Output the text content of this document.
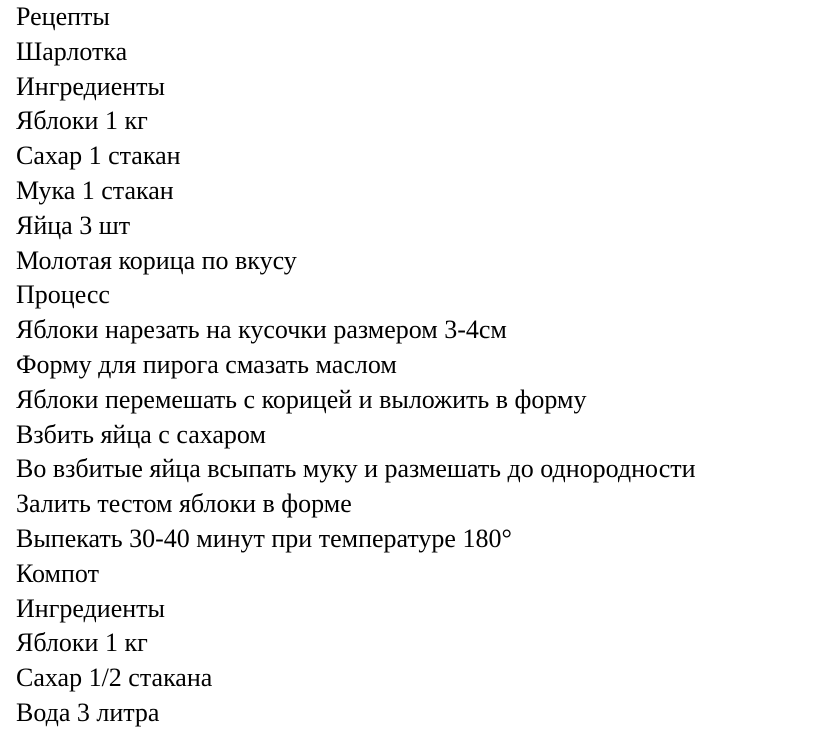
Рецепты
Шарлотка
Ингредиенты
Яблоки 1 кг
Сахар 1 стакан
Мука 1 стакан
Яйца 3 шт
Молотая корица по вкусу
Процесс
Яблоки нарезать на кусочки размером 3-4см
Форму для пирога смазать маслом
Яблоки перемешать с корицей и выложить в форму
Взбить яйца с сахаром
Во взбитые яйца всыпать муку и размешать до однородности
Залить тестом яблоки в форме
Выпекать 30-40 минут при температуре 180°
Компот
Ингредиенты
Яблоки 1 кг
Сахар 1/2 стакана
Вода 3 литра
